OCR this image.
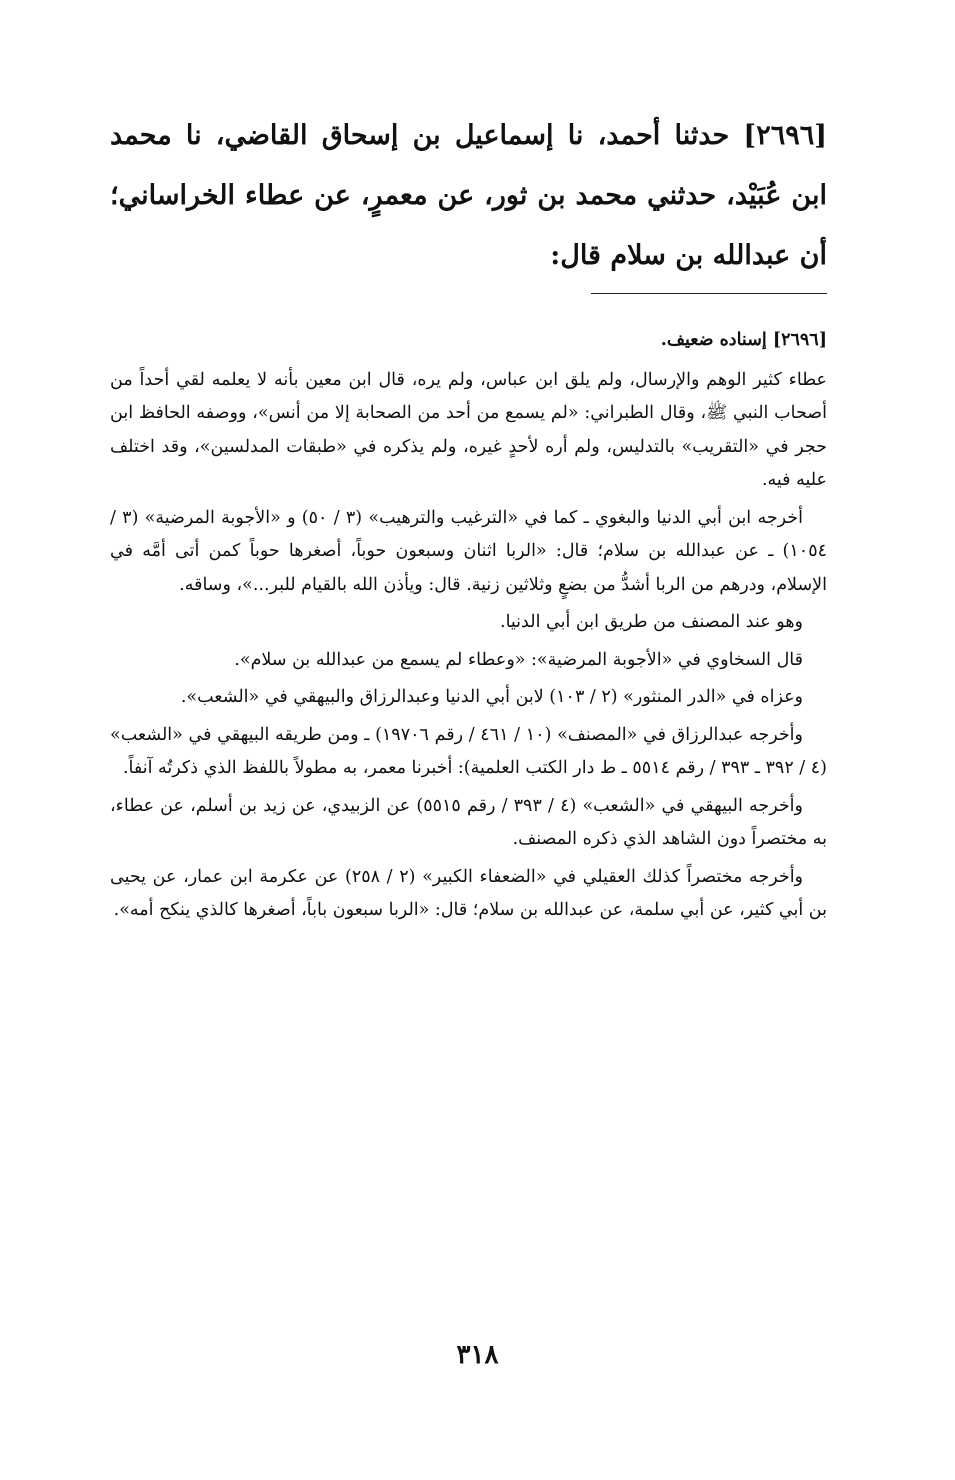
[٢٦٩٦] حدثنا أحمد، نا إسماعيل بن إسحاق القاضي، نا محمد ابن عُبَيْد، حدثني محمد بن ثور، عن معمرٍ، عن عطاء الخراساني؛ أن عبدالله بن سلام قال:

[٢٦٩٦] إسناده ضعيف.

عطاء كثير الوهم والإرسال، ولم يلق ابن عباس، ولم يره، قال ابن معين بأنه لا يعلمه لقي أحداً من أصحاب النبي ﷺ، وقال الطبراني: «لم يسمع من أحد من الصحابة إلا من أنس»، ووصفه الحافظ ابن حجر في «التقريب» بالتدليس، ولم أره لأحدٍ غيره، ولم يذكره في «طبقات المدلسين»، وقد اختلف عليه فيه.

أخرجه ابن أبي الدنيا والبغوي ـ كما في «الترغيب والترهيب» (٣ / ٥٠) و «الأجوبة المرضية» (٣ / ١٠٥٤) ـ عن عبدالله بن سلام؛ قال: «الربا اثنان وسبعون حوباً، أصغرها حوباً كمن أتى أمَّه في الإسلام، ودرهم من الربا أشدُّ من بضعٍ وثلاثين زنية. قال: ويأذن الله بالقيام للبر...»، وساقه.

وهو عند المصنف من طريق ابن أبي الدنيا.

قال السخاوي في «الأجوبة المرضية»: «وعطاء لم يسمع من عبدالله بن سلام».

وعزاه في «الدر المنثور» (٢ / ١٠٣) لابن أبي الدنيا وعبدالرزاق والبيهقي في «الشعب».

وأخرجه عبدالرزاق في «المصنف» (١٠ / ٤٦١ / رقم ١٩٧٠٦) ـ ومن طريقه البيهقي في «الشعب» (٤ / ٣٩٢ ـ ٣٩٣ / رقم ٥٥١٤ ـ ط دار الكتب العلمية): أخبرنا معمر، به مطولاً باللفظ الذي ذكرتُه آنفاً.

وأخرجه البيهقي في «الشعب» (٤ / ٣٩٣ / رقم ٥٥١٥) عن الزبيدي، عن زيد بن أسلم، عن عطاء، به مختصراً دون الشاهد الذي ذكره المصنف.

وأخرجه مختصراً كذلك العقيلي في «الضعفاء الكبير» (٢ / ٢٥٨) عن عكرمة ابن عمار، عن يحيى بن أبي كثير، عن أبي سلمة، عن عبدالله بن سلام؛ قال: «الربا سبعون باباً، أصغرها كالذي ينكح أمه».

٣١٨
